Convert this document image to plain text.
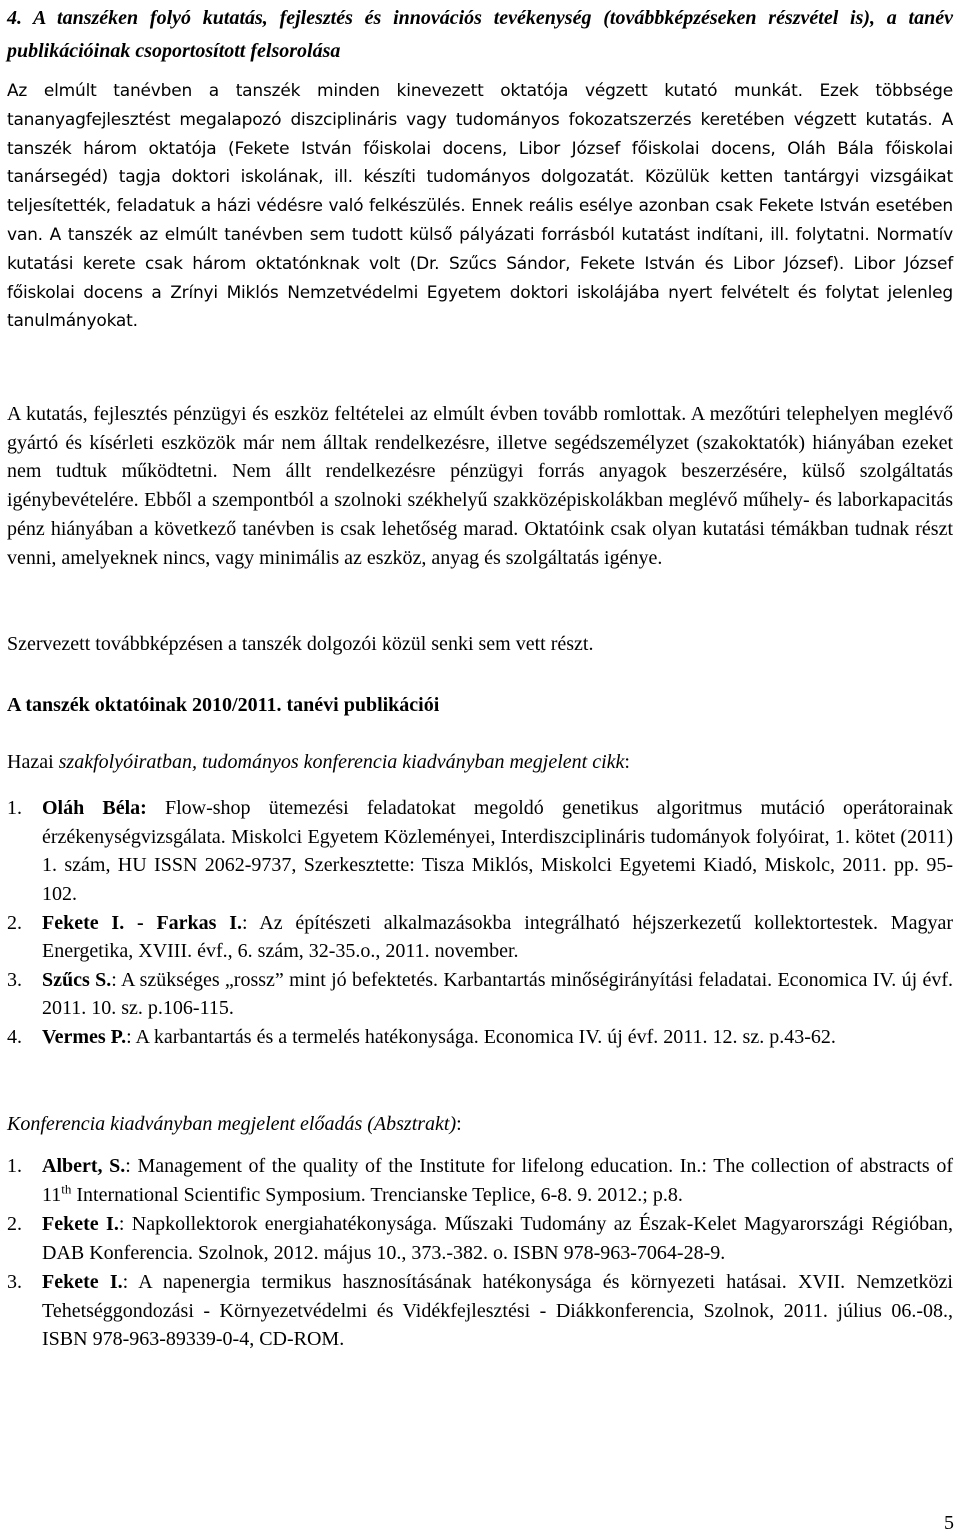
4. A tanszéken folyó kutatás, fejlesztés és innovációs tevékenység (továbbképzéseken részvétel is), a tanév publikációinak csoportosított felsorolása
Az elmúlt tanévben a tanszék minden kinevezett oktatója végzett kutató munkát. Ezek többsége tananyagfejlesztést megalapozó diszciplináris vagy tudományos fokozatszerzés keretében végzett kutatás. A tanszék három oktatója (Fekete István főiskolai docens, Libor József főiskolai docens, Oláh Bála főiskolai tanársegéd) tagja doktori iskolának, ill. készíti tudományos dolgozatát. Közülük ketten tantárgyi vizsgáikat teljesítették, feladatuk a házi védésre való felkészülés. Ennek reális esélye azonban csak Fekete István esetében van. A tanszék az elmúlt tanévben sem tudott külső pályázati forrásból kutatást indítani, ill. folytatni. Normatív kutatási kerete csak három oktatónknak volt (Dr. Szűcs Sándor, Fekete István és Libor József). Libor József főiskolai docens a Zrínyi Miklós Nemzetvédelmi Egyetem doktori iskolájába nyert felvételt és folytat jelenleg tanulmányokat.
A kutatás, fejlesztés pénzügyi és eszköz feltételei az elmúlt évben tovább romlottak. A mezőtúri telephelyen meglévő gyártó és kísérleti eszközök már nem álltak rendelkezésre, illetve segédszemélyzet (szakoktatók) hiányában ezeket nem tudtuk működtetni. Nem állt rendelkezésre pénzügyi forrás anyagok beszerzésére, külső szolgáltatás igénybevételére. Ebből a szempontból a szolnoki székhelyű szakközépiskolákban meglévő műhely- és laborkapacitás pénz hiányában a következő tanévben is csak lehetőség marad. Oktatóink csak olyan kutatási témákban tudnak részt venni, amelyeknek nincs, vagy minimális az eszköz, anyag és szolgáltatás igénye.
Szervezett továbbképzésen a tanszék dolgozói közül senki sem vett részt.
A tanszék oktatóinak 2010/2011. tanévi publikációi
Hazai szakfolyóiratban, tudományos konferencia kiadványban megjelent cikk:
1. Oláh Béla: Flow-shop ütemezési feladatokat megoldó genetikus algoritmus mutáció operátorainak érzékenységvizsgálata. Miskolci Egyetem Közleményei, Interdiszciplináris tudományok folyóirat, 1. kötet (2011) 1. szám, HU ISSN 2062-9737, Szerkesztette: Tisza Miklós, Miskolci Egyetemi Kiadó, Miskolc, 2011. pp. 95-102.
2. Fekete I. - Farkas I.: Az építészeti alkalmazásokba integrálható héjszerkezetű kollektortestek. Magyar Energetika, XVIII. évf., 6. szám, 32-35.o., 2011. november.
3. Szűcs S.: A szükséges „rossz” mint jó befektetés. Karbantartás minőségirányítási feladatai. Economica IV. új évf. 2011. 10. sz. p.106-115.
4. Vermes P.: A karbantartás és a termelés hatékonysága. Economica IV. új évf. 2011. 12. sz. p.43-62.
Konferencia kiadványban megjelent előadás (Absztrakt):
1. Albert, S.: Management of the quality of the Institute for lifelong education. In.: The collection of abstracts of 11th International Scientific Symposium. Trencianske Teplice, 6-8. 9. 2012.; p.8.
2. Fekete I.: Napkollektorok energiahatékonysága. Műszaki Tudomány az Észak-Kelet Magyarországi Régióban, DAB Konferencia. Szolnok, 2012. május 10., 373.-382. o. ISBN 978-963-7064-28-9.
3. Fekete I.: A napenergia termikus hasznosításának hatékonysága és környezeti hatásai. XVII. Nemzetközi Tehetséggondozási - Környezetvédelmi és Vidékfejlesztési - Diákkonferencia, Szolnok, 2011. július 06.-08., ISBN 978-963-89339-0-4, CD-ROM.
5
